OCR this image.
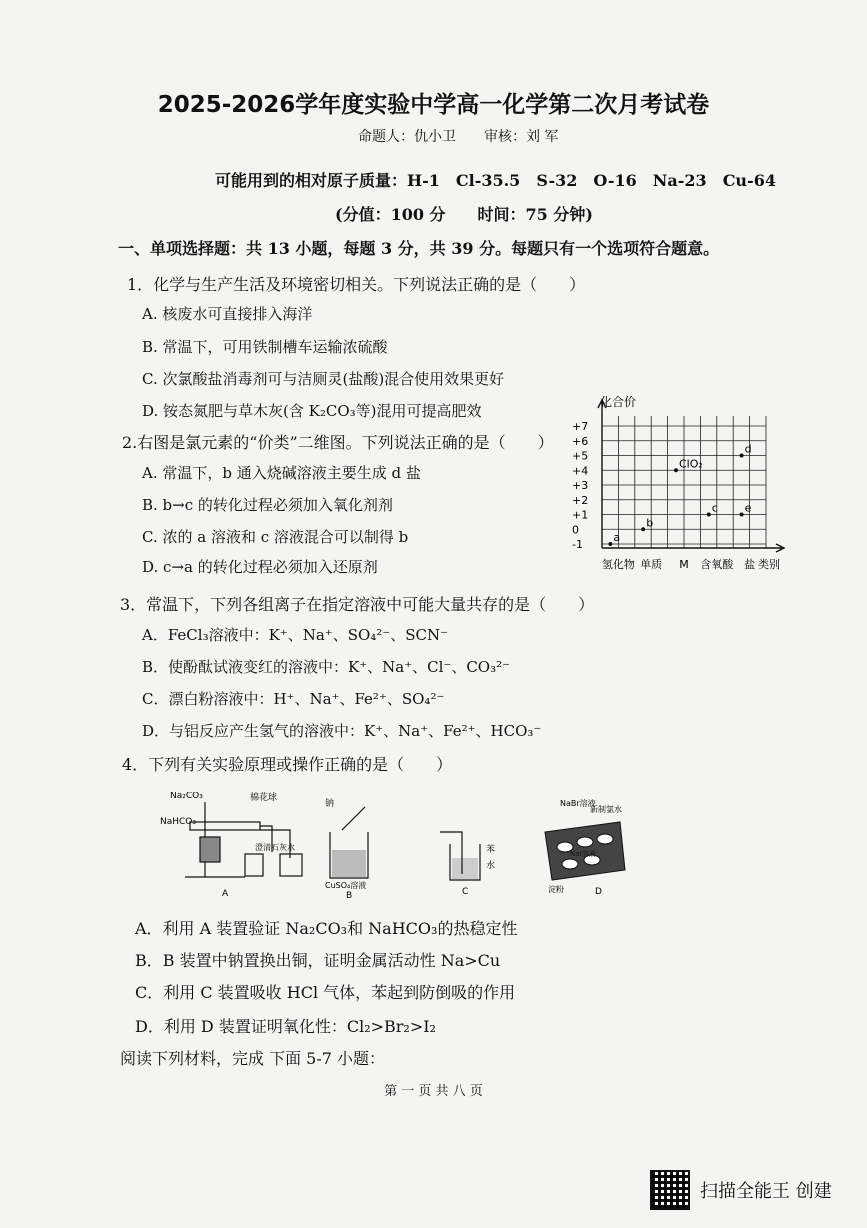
2025-2026学年度实验中学高一化学第二次月考试卷
命题人：仇小卫　　审核：刘 军
可能用到的相对原子质量：H-1　Cl-35.5　S-32　O-16　Na-23　Cu-64
(分值：100 分　　时间：75 分钟)
一、单项选择题：共 13 小题，每题 3 分，共 39 分。每题只有一个选项符合题意。
1．化学与生产生活及环境密切相关。下列说法正确的是（　　）
A. 核废水可直接排入海洋
B. 常温下，可用铁制槽车运输浓硫酸
C. 次氯酸盐消毒剂可与洁厕灵(盐酸)混合使用效果更好
D. 铵态氮肥与草木灰(含 K₂CO₃等)混用可提高肥效
2.右图是氯元素的“价类”二维图。下列说法正确的是（　　）
A. 常温下，b 通入烧碱溶液主要生成 d 盐
B. b→c 的转化过程必须加入氧化剂剂
C. 浓的 a 溶液和 c 溶液混合可以制得 b
D. c→a 的转化过程必须加入还原剂
化合价
类别
+7
+6
+5
+4
+3
+2
+1
0
-1
氢化物 单质 M 含氧酸 盐
a
b
ClO₂
c
d
e
3．常温下，下列各组离子在指定溶液中可能大量共存的是（　　）
A．FeCl₃溶液中：K⁺、Na⁺、SO₄²⁻、SCN⁻
B．使酚酞试液变红的溶液中：K⁺、Na⁺、Cl⁻、CO₃²⁻
C．漂白粉溶液中：H⁺、Na⁺、Fe²⁺、SO₄²⁻
D．与铝反应产生氢气的溶液中：K⁺、Na⁺、Fe²⁺、HCO₃⁻
4．下列有关实验原理或操作正确的是（　　）
Na₂CO₃
NaHCO₃
棉花球
澄清石灰水
A
钠
CuSO₄溶液
B
苯
水
C
NaBr溶液
新制氯水
NaI溶液
淀粉	D
A．利用 A 装置验证 Na₂CO₃和 NaHCO₃的热稳定性
B．B 装置中钠置换出铜，证明金属活动性 Na>Cu
C．利用 C 装置吸收 HCl 气体，苯起到防倒吸的作用
D．利用 D 装置证明氧化性：Cl₂>Br₂>I₂
阅读下列材料，完成 下面 5-7 小题：
第 一 页 共 八 页
扫描全能王 创建
